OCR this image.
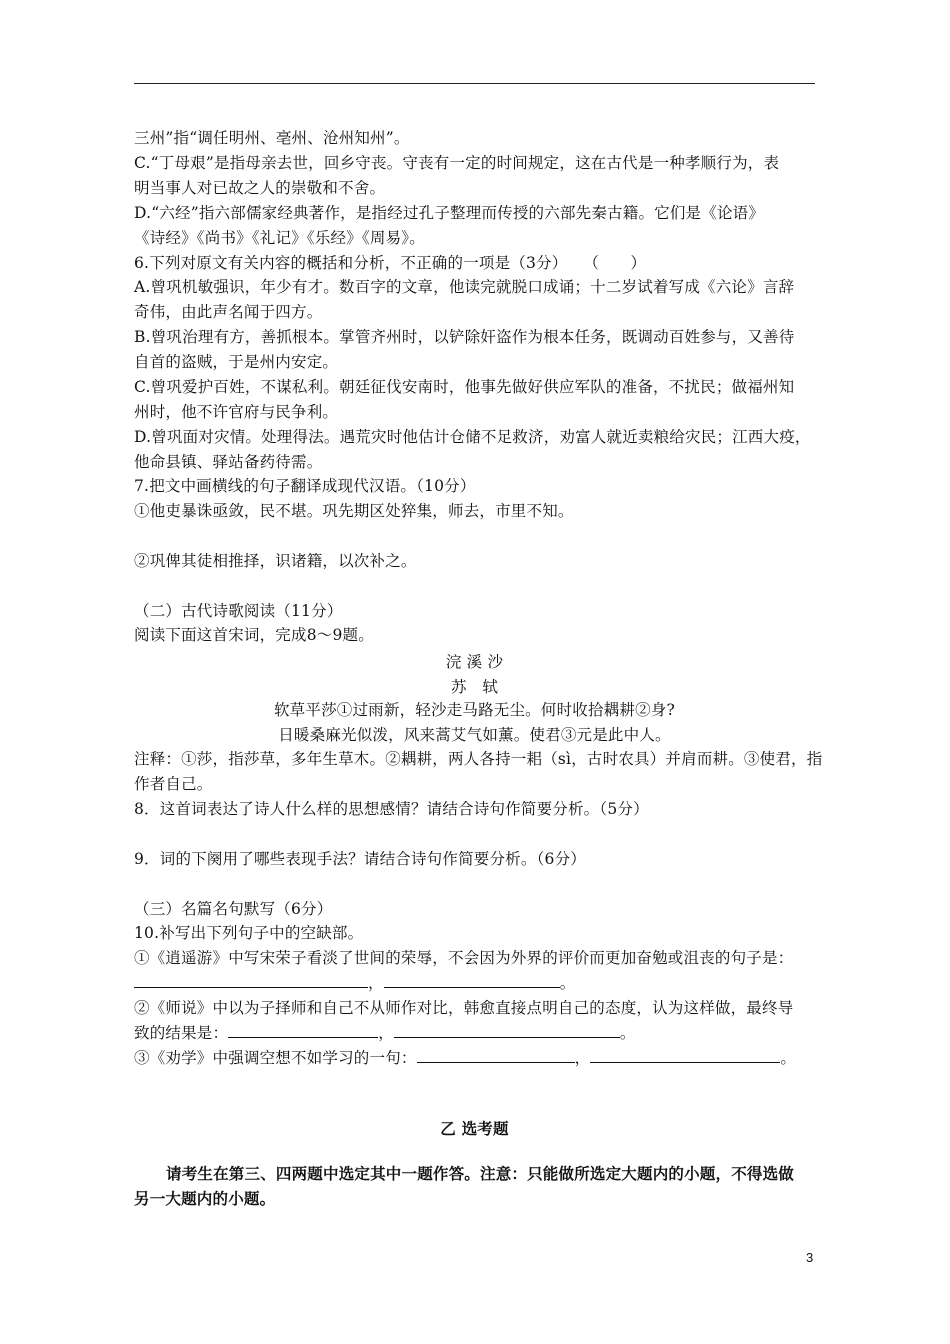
三州”指“调任明州、亳州、沧州知州”。
C.“丁母艰”是指母亲去世，回乡守丧。守丧有一定的时间规定，这在古代是一种孝顺行为，表
明当事人对已故之人的崇敬和不舍。
D.“六经”指六部儒家经典著作，是指经过孔子整理而传授的六部先秦古籍。它们是《论语》
《诗经》《尚书》《礼记》《乐经》《周易》。
6.下列对原文有关内容的概括和分析，不正确的一项是（3分）　　（　　）
A.曾巩机敏强识，年少有才。数百字的文章，他读完就脱口成诵；十二岁试着写成《六论》言辞
奇伟，由此声名闻于四方。
B.曾巩治理有方，善抓根本。掌管齐州时，以铲除奸盗作为根本任务，既调动百姓参与，又善待
自首的盗贼，于是州内安定。
C.曾巩爱护百姓，不谋私利。朝廷征伐安南时，他事先做好供应军队的准备，不扰民；做福州知
州时，他不许官府与民争利。
D.曾巩面对灾情。处理得法。遇荒灾时他估计仓储不足救济，劝富人就近卖粮给灾民；江西大疫，
他命县镇、驿站备药待需。
7.把文中画横线的句子翻译成现代汉语。（10分）
①他吏暴诛亟敛，民不堪。巩先期区处猝集，师去，市里不知。
②巩俾其徒相推择，识诸籍，以次补之。
（二）古代诗歌阅读（11分）
阅读下面这首宋词，完成8～9题。
浣 溪 沙
苏　轼
软草平莎①过雨新，轻沙走马路无尘。何时收拾耦耕②身?
日暖桑麻光似泼，风来蒿艾气如薰。使君③元是此中人。
注释：①莎，指莎草，多年生草木。②耦耕，两人各持一耜（sì，古时农具）并肩而耕。③使君，指
作者自己。
8．这首词表达了诗人什么样的思想感情？请结合诗句作简要分析。（5分）
9．词的下阕用了哪些表现手法？请结合诗句作简要分析。（6分）
（三）名篇名句默写（6分）
10.补写出下列句子中的空缺部。
①《逍遥游》中写宋荣子看淡了世间的荣辱，不会因为外界的评价而更加奋勉或沮丧的句子是：
，	。
②《师说》中以为子择师和自己不从师作对比，韩愈直接点明自己的态度，认为这样做，最终导
致的结果是：	，	。
③《劝学》中强调空想不如学习的一句：	，	。
乙 选考题
请考生在第三、四两题中选定其中一题作答。注意：只能做所选定大题内的小题，不得选做
另一大题内的小题。
3
